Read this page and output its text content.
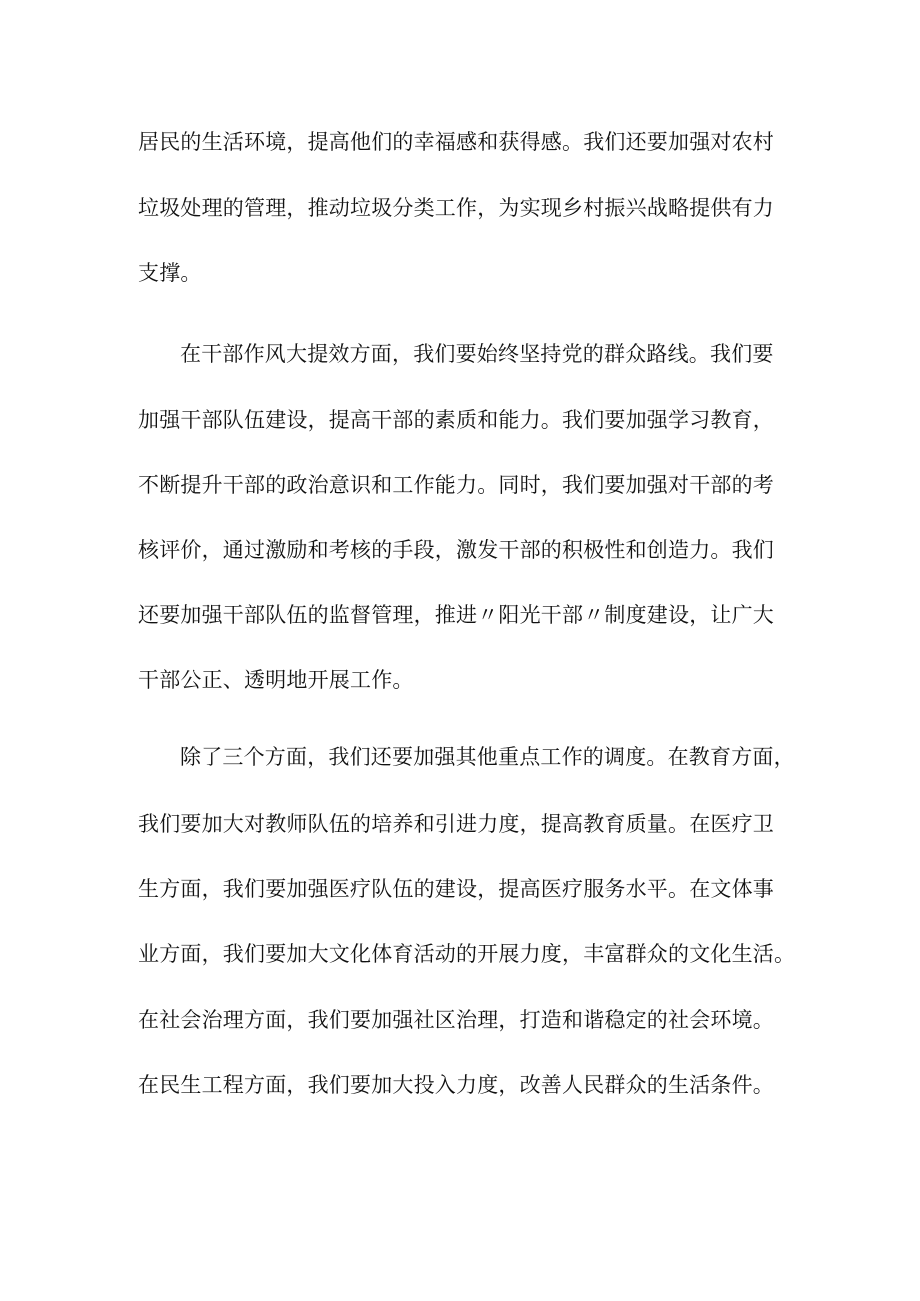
居民的生活环境，提高他们的幸福感和获得感。我们还要加强对农村
垃圾处理的管理，推动垃圾分类工作，为实现乡村振兴战略提供有力
支撑。
在干部作风大提效方面，我们要始终坚持党的群众路线。我们要
加强干部队伍建设，提高干部的素质和能力。我们要加强学习教育，
不断提升干部的政治意识和工作能力。同时，我们要加强对干部的考
核评价，通过激励和考核的手段，激发干部的积极性和创造力。我们
还要加强干部队伍的监督管理，推进〃阳光干部〃制度建设，让广大
干部公正、透明地开展工作。
除了三个方面，我们还要加强其他重点工作的调度。在教育方面，
我们要加大对教师队伍的培养和引进力度，提高教育质量。在医疗卫
生方面，我们要加强医疗队伍的建设，提高医疗服务水平。在文体事
业方面，我们要加大文化体育活动的开展力度，丰富群众的文化生活。
在社会治理方面，我们要加强社区治理，打造和谐稳定的社会环境。
在民生工程方面，我们要加大投入力度，改善人民群众的生活条件。
